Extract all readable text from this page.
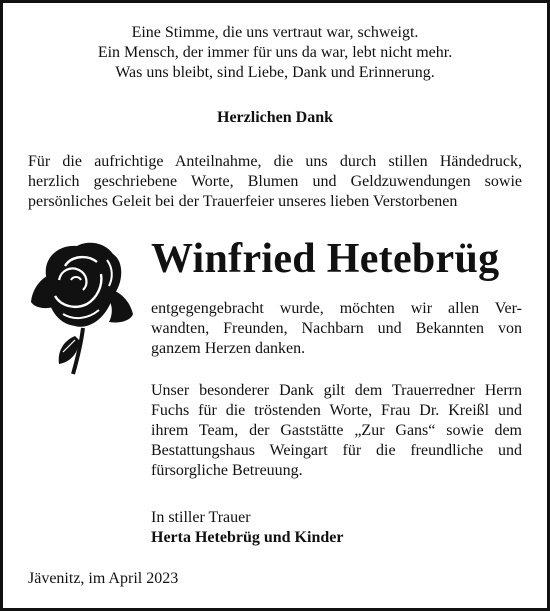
Eine Stimme, die uns vertraut war, schweigt.
Ein Mensch, der immer für uns da war, lebt nicht mehr.
Was uns bleibt, sind Liebe, Dank und Erinnerung.
Herzlichen Dank
Für die aufrichtige Anteilnahme, die uns durch stillen Händedruck,
herzlich geschriebene Worte, Blumen und Geldzuwendungen sowie
persönliches Geleit bei der Trauerfeier unseres lieben Verstorbenen
Winfried Hetebrüg
entgegengebracht wurde, möchten wir allen Ver-
wandten, Freunden, Nachbarn und Bekannten von
ganzem Herzen danken.
Unser besonderer Dank gilt dem Trauerredner Herrn
Fuchs für die tröstenden Worte, Frau Dr. Kreißl und
ihrem Team, der Gaststätte „Zur Gans“ sowie dem
Bestattungshaus Weingart für die freundliche und
fürsorgliche Betreuung.
In stiller Trauer
Herta Hetebrüg und Kinder
Jävenitz, im April 2023
